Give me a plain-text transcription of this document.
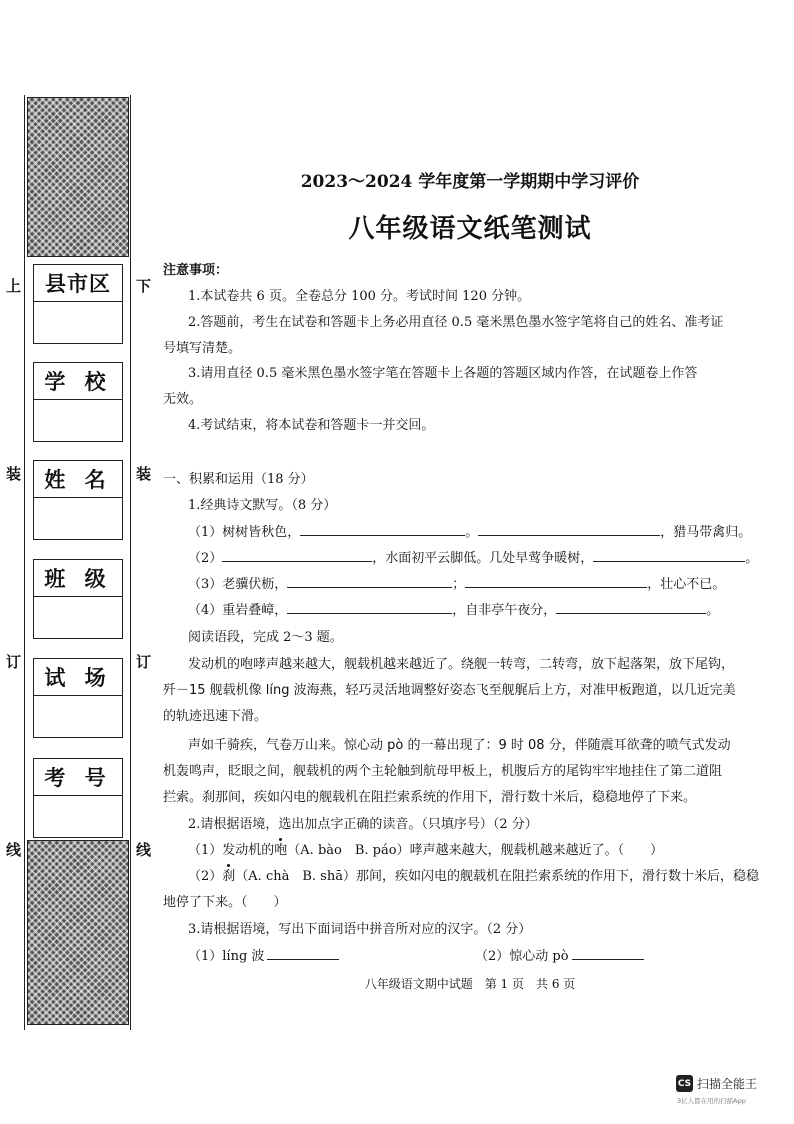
上	下
装	装
订	订
线	线
县市区
学 校
姓 名
班 级
试 场
考 号
2023～2024 学年度第一学期期中学习评价
八年级语文纸笔测试
注意事项：
1.本试卷共 6 页。全卷总分 100 分。考试时间 120 分钟。
2.答题前，考生在试卷和答题卡上务必用直径 0.5 毫米黑色墨水签字笔将自己的姓名、准考证
号填写清楚。
3.请用直径 0.5 毫米黑色墨水签字笔在答题卡上各题的答题区域内作答，在试题卷上作答
无效。
4.考试结束，将本试卷和答题卡一并交回。
一、积累和运用（18 分）
1.经典诗文默写。（8 分）
（1）树树皆秋色，	。	，猎马带禽归。
（2）	，水面初平云脚低。几处早莺争暖树，	。
（3）老骥伏枥，	；	，壮心不已。
（4）重岩叠嶂，	，自非亭午夜分，	。
阅读语段，完成 2～3 题。
发动机的咆哮声越来越大，舰载机越来越近了。绕舰一转弯，二转弯，放下起落架，放下尾钩，
歼－15 舰载机像 líng 波海燕，轻巧灵活地调整好姿态飞至舰艉后上方，对准甲板跑道，以几近完美
的轨迹迅速下滑。
声如千骑疾，气卷万山来。惊心动 pò 的一幕出现了：9 时 08 分，伴随震耳欲聋的喷气式发动
机轰鸣声，眨眼之间，舰载机的两个主轮触到航母甲板上，机腹后方的尾钩牢牢地挂住了第二道阻
拦索。刹那间，疾如闪电的舰载机在阻拦索系统的作用下，滑行数十米后，稳稳地停了下来。
2.请根据语境，选出加点字正确的读音。（只填序号）（2 分）
（1）发动机的咆（A. bào　B. páo）哮声越来越大，舰载机越来越近了。（　　）
（2）刹（A. chà　B. shā）那间，疾如闪电的舰载机在阻拦索系统的作用下，滑行数十米后，稳稳
地停了下来。（　　）
3.请根据语境，写出下面词语中拼音所对应的汉字。（2 分）
（1）líng 波	（2）惊心动 pò
八年级语文期中试题　第 1 页　共 6 页
CS 扫描全能王
3亿人都在用的扫描App
